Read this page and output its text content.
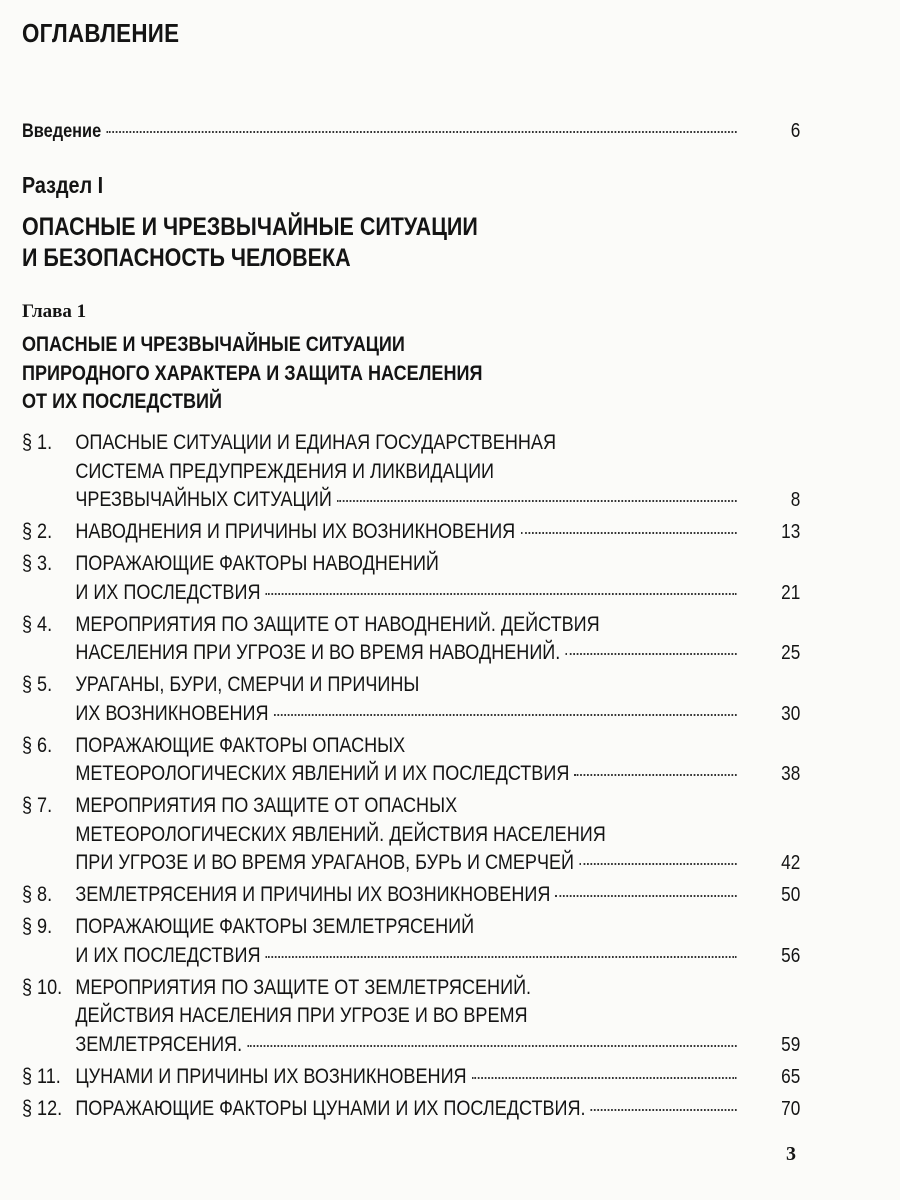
ОГЛАВЛЕНИЕ
Введение	6
Раздел I
ОПАСНЫЕ И ЧРЕЗВЫЧАЙНЫЕ СИТУАЦИИ
И БЕЗОПАСНОСТЬ ЧЕЛОВЕКА
Глава 1
ОПАСНЫЕ И ЧРЕЗВЫЧАЙНЫЕ СИТУАЦИИ
ПРИРОДНОГО ХАРАКТЕРА И ЗАЩИТА НАСЕЛЕНИЯ
ОТ ИХ ПОСЛЕДСТВИЙ
§ 1.	ОПАСНЫЕ СИТУАЦИИ И ЕДИНАЯ ГОСУДАРСТВЕННАЯ
СИСТЕМА ПРЕДУПРЕЖДЕНИЯ И ЛИКВИДАЦИИ
ЧРЕЗВЫЧАЙНЫХ СИТУАЦИЙ	8
§ 2.	НАВОДНЕНИЯ И ПРИЧИНЫ ИХ ВОЗНИКНОВЕНИЯ	13
§ 3.	ПОРАЖАЮЩИЕ ФАКТОРЫ НАВОДНЕНИЙ
И ИХ ПОСЛЕДСТВИЯ	21
§ 4.	МЕРОПРИЯТИЯ ПО ЗАЩИТЕ ОТ НАВОДНЕНИЙ. ДЕЙСТВИЯ
НАСЕЛЕНИЯ ПРИ УГРОЗЕ И ВО ВРЕМЯ НАВОДНЕНИЙ.	25
§ 5.	УРАГАНЫ, БУРИ, СМЕРЧИ И ПРИЧИНЫ
ИХ ВОЗНИКНОВЕНИЯ	30
§ 6.	ПОРАЖАЮЩИЕ ФАКТОРЫ ОПАСНЫХ
МЕТЕОРОЛОГИЧЕСКИХ ЯВЛЕНИЙ И ИХ ПОСЛЕДСТВИЯ	38
§ 7.	МЕРОПРИЯТИЯ ПО ЗАЩИТЕ ОТ ОПАСНЫХ
МЕТЕОРОЛОГИЧЕСКИХ ЯВЛЕНИЙ. ДЕЙСТВИЯ НАСЕЛЕНИЯ
ПРИ УГРОЗЕ И ВО ВРЕМЯ УРАГАНОВ, БУРЬ И СМЕРЧЕЙ	42
§ 8.	ЗЕМЛЕТРЯСЕНИЯ И ПРИЧИНЫ ИХ ВОЗНИКНОВЕНИЯ	50
§ 9.	ПОРАЖАЮЩИЕ ФАКТОРЫ ЗЕМЛЕТРЯСЕНИЙ
И ИХ ПОСЛЕДСТВИЯ	56
§ 10. МЕРОПРИЯТИЯ ПО ЗАЩИТЕ ОТ ЗЕМЛЕТРЯСЕНИЙ.
ДЕЙСТВИЯ НАСЕЛЕНИЯ ПРИ УГРОЗЕ И ВО ВРЕМЯ
ЗЕМЛЕТРЯСЕНИЯ.	59
§ 11. ЦУНАМИ И ПРИЧИНЫ ИХ ВОЗНИКНОВЕНИЯ	65
§ 12. ПОРАЖАЮЩИЕ ФАКТОРЫ ЦУНАМИ И ИХ ПОСЛЕДСТВИЯ.	70
3
